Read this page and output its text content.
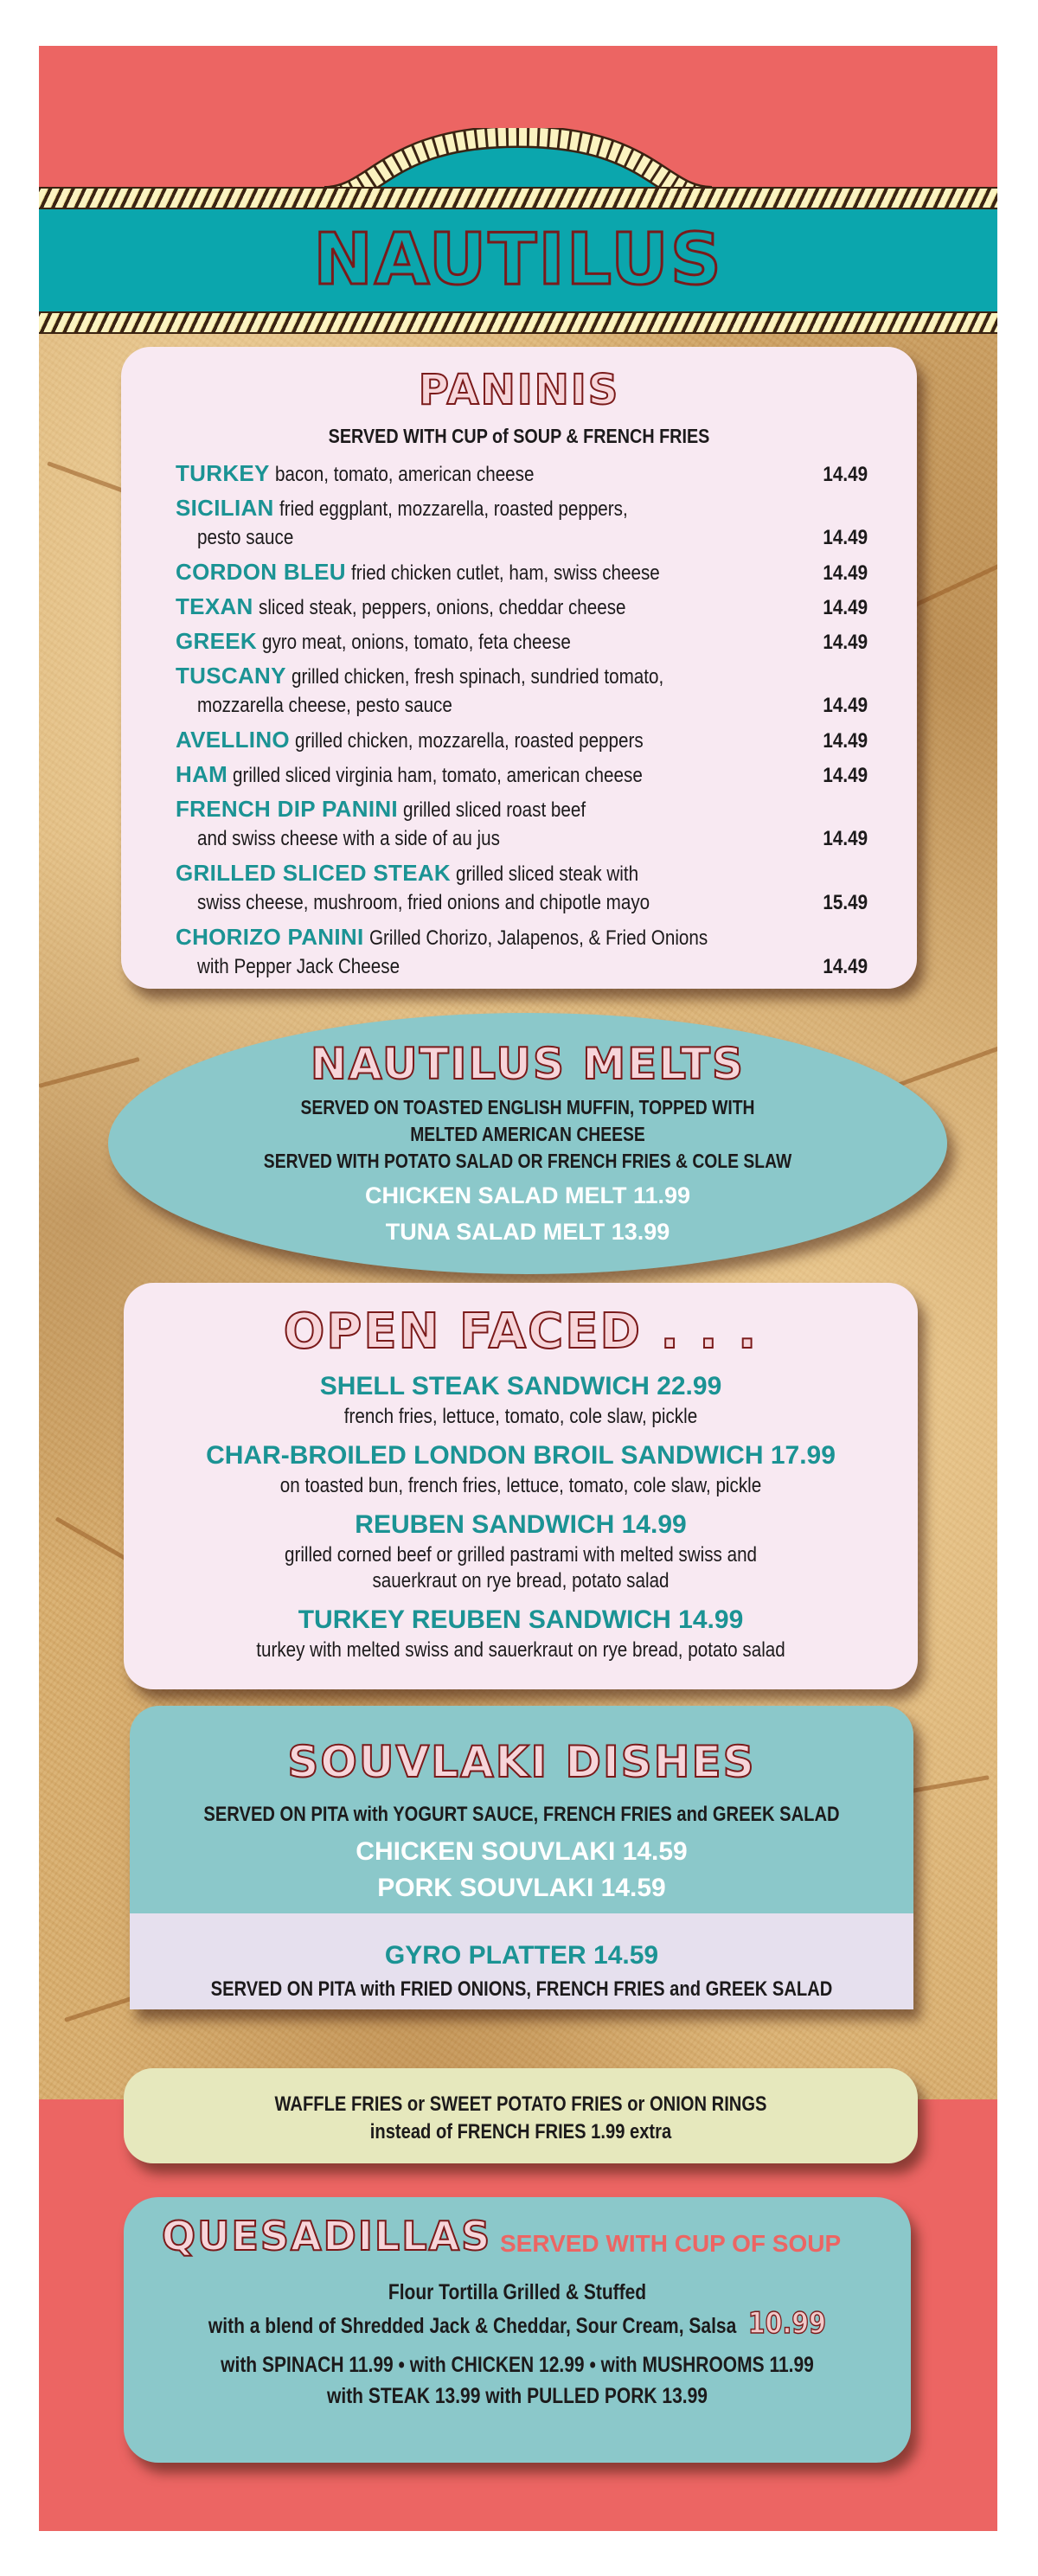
NAUTILUS
PANINIS
SERVED WITH CUP of SOUP & FRENCH FRIES
TURKEY bacon, tomato, american cheese	14.49
SICILIAN fried eggplant, mozzarella, roasted peppers,
pesto sauce	14.49
CORDON BLEU fried chicken cutlet, ham, swiss cheese	14.49
TEXAN sliced steak, peppers, onions, cheddar cheese	14.49
GREEK gyro meat, onions, tomato, feta cheese	14.49
TUSCANY grilled chicken, fresh spinach, sundried tomato,
mozzarella cheese, pesto sauce	14.49
AVELLINO grilled chicken, mozzarella, roasted peppers	14.49
HAM grilled sliced virginia ham, tomato, american cheese	14.49
FRENCH DIP PANINI grilled sliced roast beef
and swiss cheese with a side of au jus	14.49
GRILLED SLICED STEAK grilled sliced steak with
swiss cheese, mushroom, fried onions and chipotle mayo	15.49
CHORIZO PANINI Grilled Chorizo, Jalapenos, & Fried Onions
with Pepper Jack Cheese	14.49
NAUTILUS MELTS
SERVED ON TOASTED ENGLISH MUFFIN, TOPPED WITH
MELTED AMERICAN CHEESE
SERVED WITH POTATO SALAD OR FRENCH FRIES & COLE SLAW
CHICKEN SALAD MELT 11.99
TUNA SALAD MELT 13.99
OPEN FACED . . .
SHELL STEAK SANDWICH 22.99
french fries, lettuce, tomato, cole slaw, pickle
CHAR-BROILED LONDON BROIL SANDWICH 17.99
on toasted bun, french fries, lettuce, tomato, cole slaw, pickle
REUBEN SANDWICH 14.99
grilled corned beef or grilled pastrami with melted swiss and
sauerkraut on rye bread, potato salad
TURKEY REUBEN SANDWICH 14.99
turkey with melted swiss and sauerkraut on rye bread, potato salad
GYRO PLATTER 14.59
SERVED ON PITA with FRIED ONIONS, FRENCH FRIES and GREEK SALAD
SOUVLAKI DISHES
SERVED ON PITA with YOGURT SAUCE, FRENCH FRIES and GREEK SALAD
CHICKEN SOUVLAKI 14.59
PORK SOUVLAKI 14.59
WAFFLE FRIES or SWEET POTATO FRIES or ONION RINGS
instead of FRENCH FRIES 1.99 extra
QUESADILLAS SERVED WITH CUP OF SOUP
Flour Tortilla Grilled & Stuffed
with a blend of Shredded Jack & Cheddar, Sour Cream, Salsa 10.99
with SPINACH 11.99 • with CHICKEN 12.99 • with MUSHROOMS 11.99
with STEAK 13.99 with PULLED PORK 13.99
